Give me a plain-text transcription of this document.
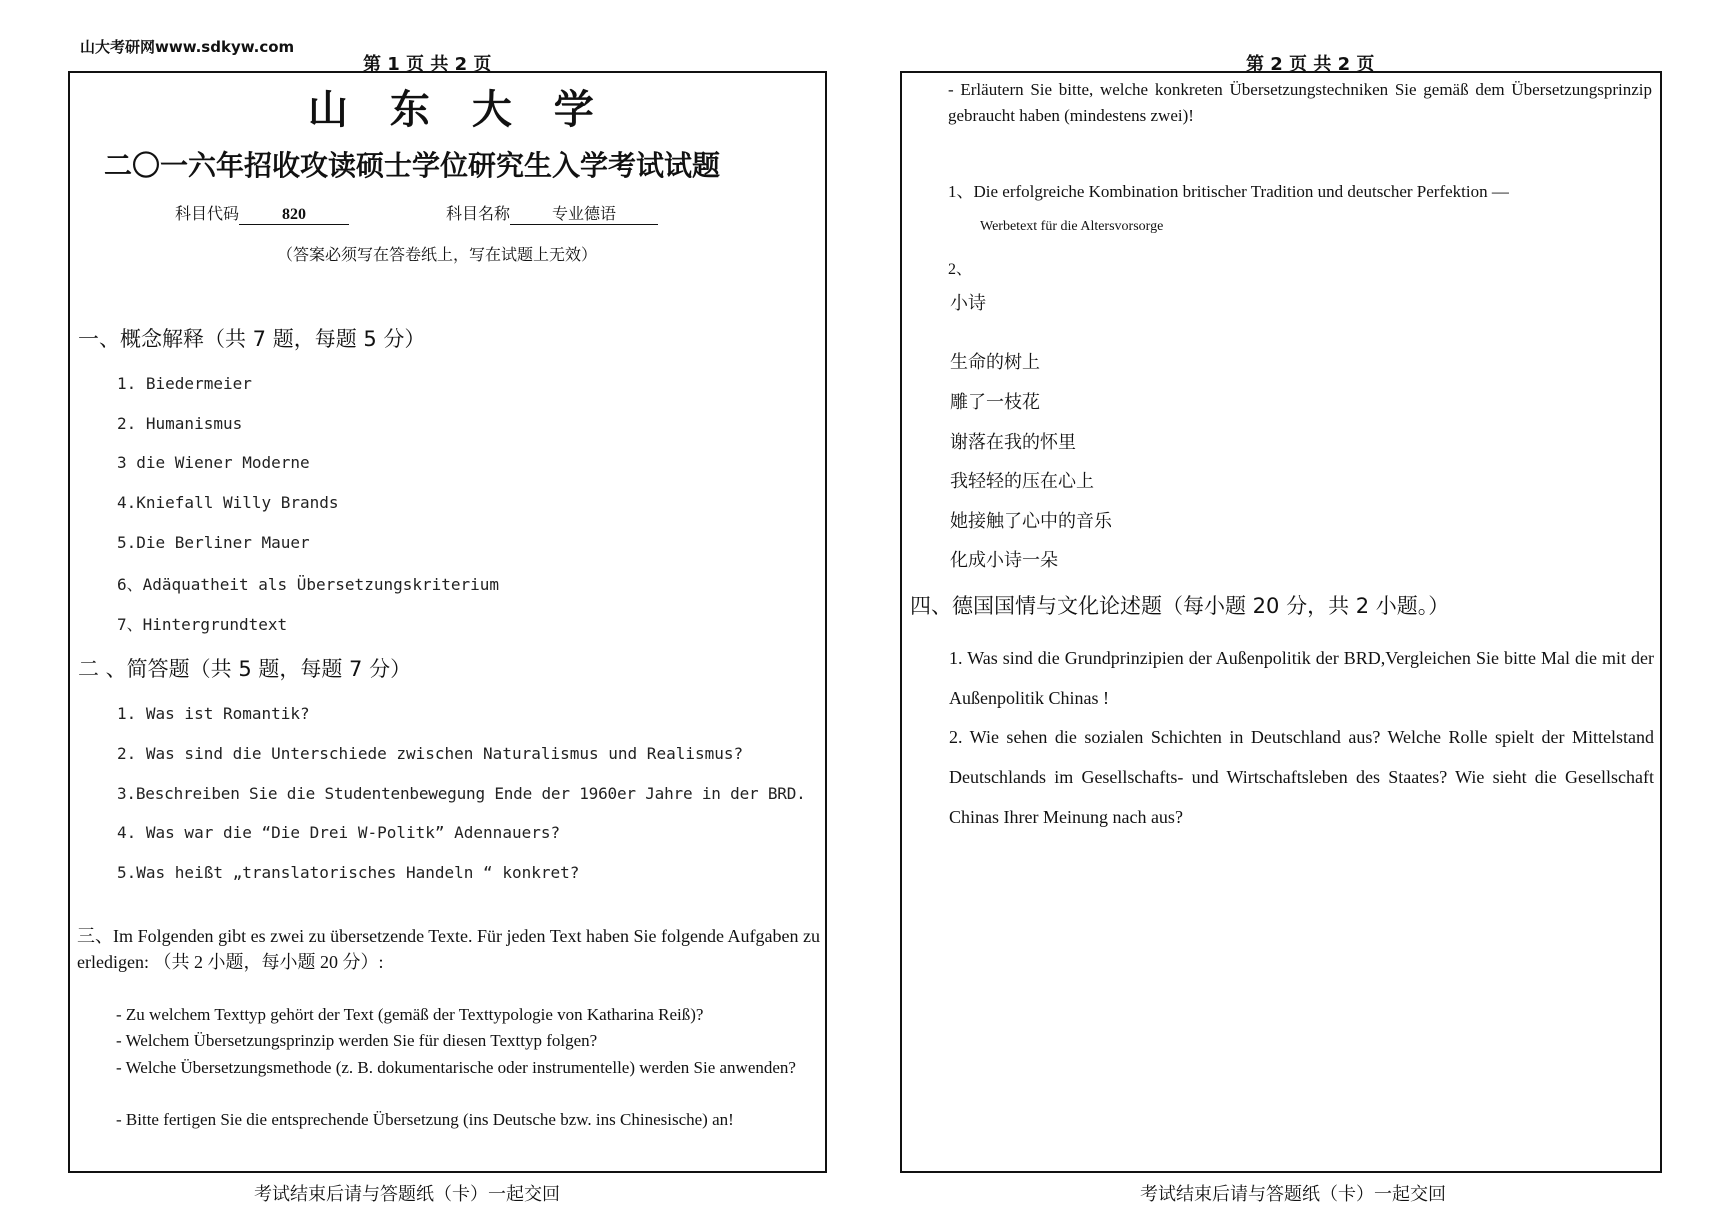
山大考研网www.sdkyw.com
第 1 页 共 2 页	第 2 页 共 2 页
山 东 大 学
二〇一六年招收攻读硕士学位研究生入学考试试题
科目代码	820	科目名称	专业德语
（答案必须写在答卷纸上，写在试题上无效）
一、概念解释（共 7 题，每题 5 分）
1. Biedermeier
2. Humanismus
3 die Wiener Moderne
4.Kniefall Willy Brands
5.Die Berliner Mauer
6、Adäquatheit als Übersetzungskriterium
7、Hintergrundtext
二 、简答题（共 5 题，每题 7 分）
1. Was ist Romantik?
2. Was sind die Unterschiede zwischen Naturalismus und Realismus?
3.Beschreiben Sie die Studentenbewegung Ende der 1960er Jahre in der BRD.
4. Was war die “Die Drei W-Politk” Adennauers?
5.Was heißt „translatorisches Handeln “ konkret?
三、Im Folgenden gibt es zwei zu übersetzende Texte. Für jeden Text haben Sie folgende Aufgaben zu erledigen: （共 2 小题，每小题 20 分）:
- Zu welchem Texttyp gehört der Text (gemäß der Texttypologie von Katharina Reiß)?
- Welchem Übersetzungsprinzip werden Sie für diesen Texttyp folgen?
- Welche Übersetzungsmethode (z. B. dokumentarische oder instrumentelle) werden Sie anwenden?
- Bitte fertigen Sie die entsprechende Übersetzung (ins Deutsche bzw. ins Chinesische) an!
考试结束后请与答题纸（卡）一起交回
- Erläutern Sie bitte, welche konkreten Übersetzungstechniken Sie gemäß dem Übersetzungsprinzip gebraucht haben (mindestens zwei)!
1、Die erfolgreiche Kombination britischer Tradition und deutscher Perfektion —
Werbetext für die Altersvorsorge
2、
小诗
生命的树上
雕了一枝花
谢落在我的怀里
我轻轻的压在心上
她接触了心中的音乐
化成小诗一朵
四、德国国情与文化论述题（每小题 20 分，共 2 小题。）
1. Was sind die Grundprinzipien der Außenpolitik der BRD,Vergleichen Sie bitte Mal die mit der Außenpolitik Chinas !
2. Wie sehen die sozialen Schichten in Deutschland aus? Welche Rolle spielt der Mittelstand Deutschlands im Gesellschafts- und Wirtschaftsleben des Staates? Wie sieht die Gesellschaft Chinas Ihrer Meinung nach aus?
考试结束后请与答题纸（卡）一起交回
